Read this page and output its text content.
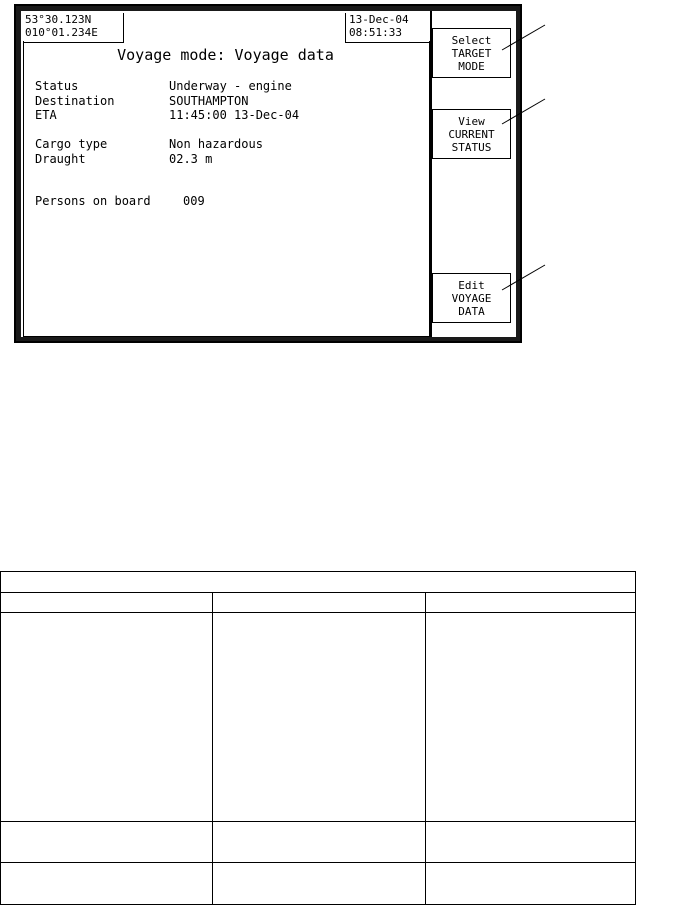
53°30.123N
010°01.234E
13-Dec-04
08:51:33
Voyage mode: Voyage data
Status	Underway - engine
Destination	SOUTHAMPTON
ETA	11:45:00 13-Dec-04
Cargo type	Non hazardous
Draught	02.3 m
Persons on board	009
Select
TARGET
MODE
View
CURRENT
STATUS
Edit
VOYAGE
DATA
